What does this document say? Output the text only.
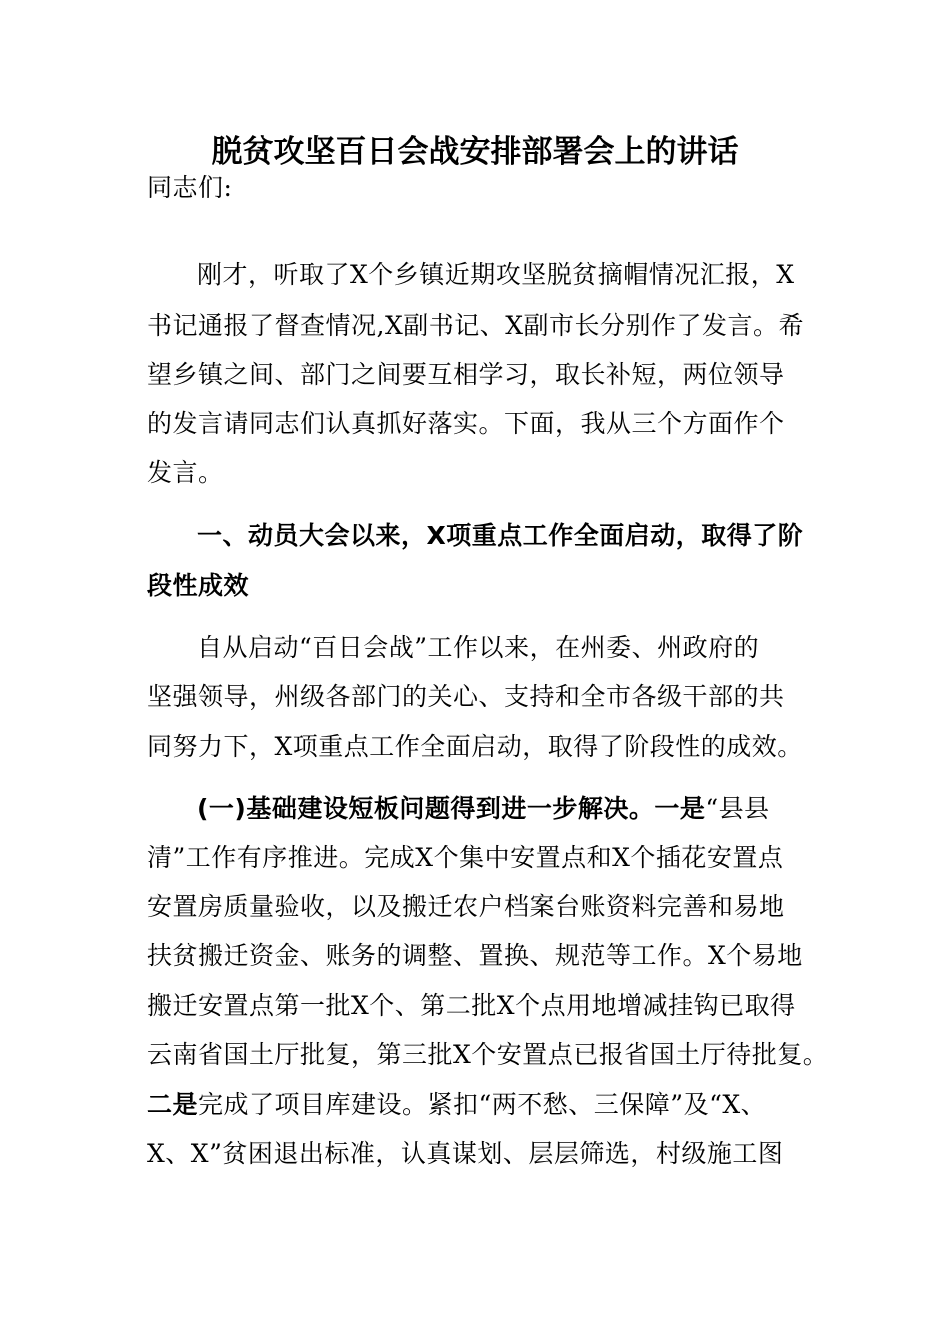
脱贫攻坚百日会战安排部署会上的讲话
同志们:
刚才，听取了X个乡镇近期攻坚脱贫摘帽情况汇报，X
书记通报了督查情况,X副书记、X副市长分别作了发言。希
望乡镇之间、部门之间要互相学习，取长补短，两位领导
的发言请同志们认真抓好落实。下面，我从三个方面作个
发言。
一、动员大会以来，X项重点工作全面启动，取得了阶
段性成效
自从启动“百日会战”工作以来，在州委、州政府的
坚强领导，州级各部门的关心、支持和全市各级干部的共
同努力下，X项重点工作全面启动，取得了阶段性的成效。
(一)基础建设短板问题得到进一步解决。一是“县县
清”工作有序推进。完成X个集中安置点和X个插花安置点
安置房质量验收，以及搬迁农户档案台账资料完善和易地
扶贫搬迁资金、账务的调整、置换、规范等工作。X个易地
搬迁安置点第一批X个、第二批X个点用地增减挂钩已取得
云南省国土厅批复，第三批X个安置点已报省国土厅待批复。
二是完成了项目库建设。紧扣“两不愁、三保障”及“X、
X、X”贫困退出标准，认真谋划、层层筛选，村级施工图
